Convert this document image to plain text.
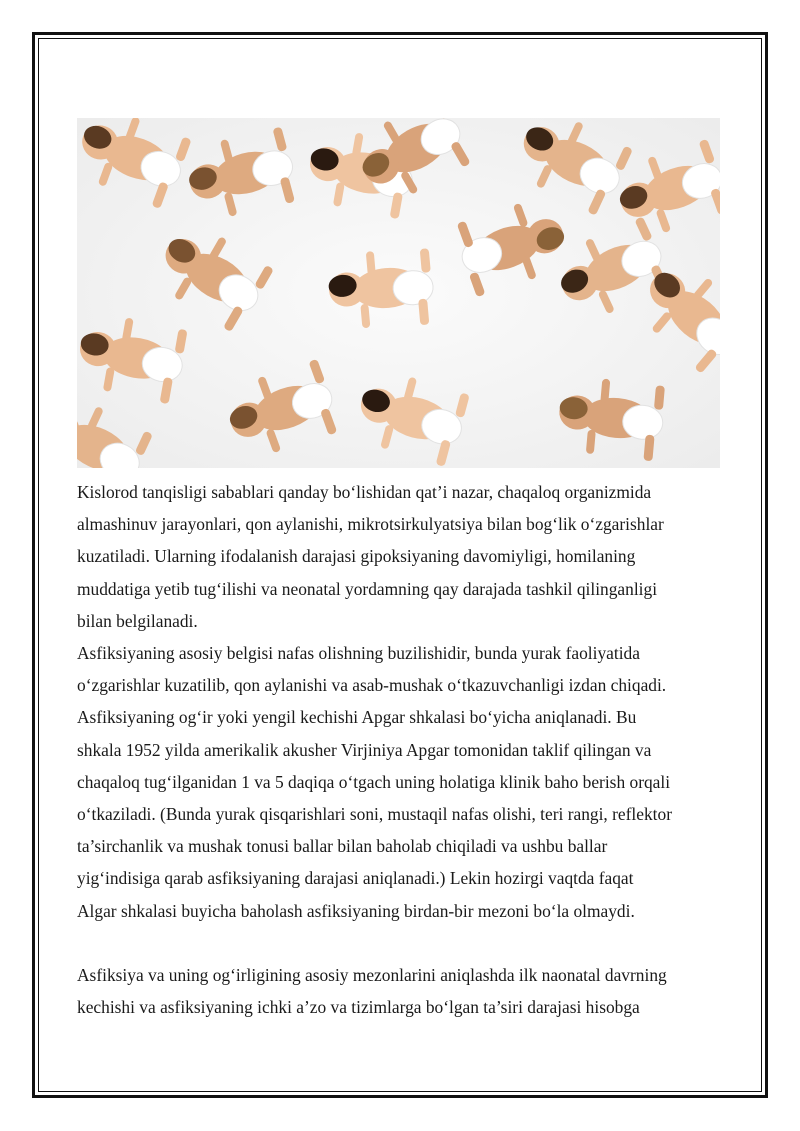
Kislorod tanqisligi sabablari qanday bo‘lishidan qat’i nazar, chaqaloq organizmida
almashinuv jarayonlari, qon aylanishi, mikrotsirkulyatsiya bilan bog‘lik o‘zgarishlar
kuzatiladi. Ularning ifodalanish darajasi gipoksiyaning davomiyligi, homilaning
muddatiga yetib tug‘ilishi va neonatal yordamning qay darajada tashkil qilinganligi
bilan belgilanadi.

Asfiksiyaning asosiy belgisi nafas olishning buzilishidir, bunda yurak faoliyatida
o‘zgarishlar kuzatilib, qon aylanishi va asab-mushak o‘tkazuvchanligi izdan chiqadi.
Asfiksiyaning og‘ir yoki yengil kechishi Apgar shkalasi bo‘yicha aniqlanadi. Bu
shkala 1952 yilda amerikalik akusher Virjiniya Apgar tomonidan taklif qilingan va
chaqaloq tug‘ilganidan 1 va 5 daqiqa o‘tgach uning holatiga klinik baho berish orqali
o‘tkaziladi. (Bunda yurak qisqarishlari soni, mustaqil nafas olishi, teri rangi, reflektor
ta’sirchanlik va mushak tonusi ballar bilan baholab chiqiladi va ushbu ballar
yig‘indisiga qarab asfiksiyaning darajasi aniqlanadi.) Lekin hozirgi vaqtda faqat
Algar shkalasi buyicha baholash asfiksiyaning birdan-bir mezoni bo‘la olmaydi.

Asfiksiya va uning og‘irligining asosiy mezonlarini aniqlashda ilk naonatal davrning
kechishi va asfiksiyaning ichki a’zo va tizimlarga bo‘lgan ta’siri darajasi hisobga
